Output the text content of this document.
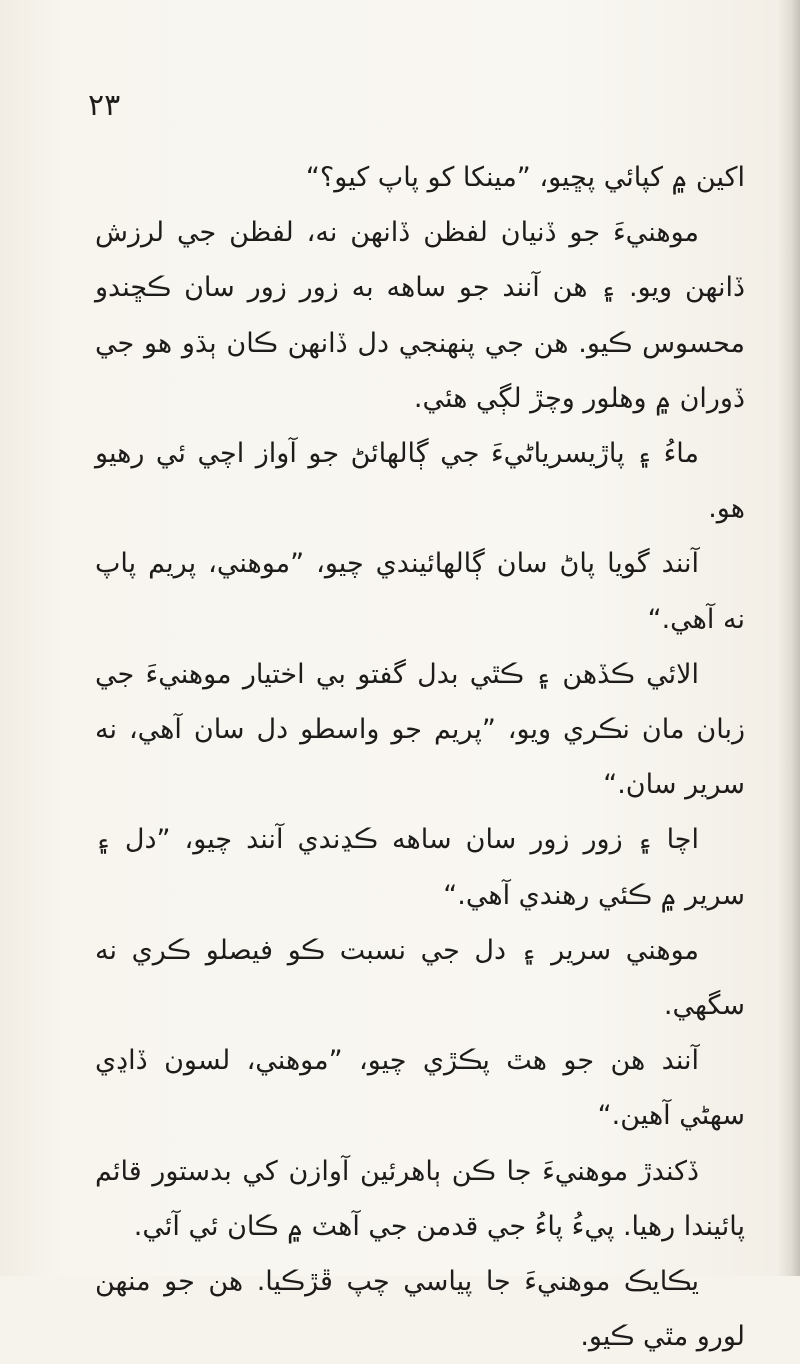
٢٣

اکین ۾ کپائي پڇيو، ”مينکا کو پاپ کيو؟“

موهنيءَ جو ڏنيان لفظن ڏانهن نه، لفظن جي لرزش ڏانهن ويو. ۽ هن آنند جو ساهه به زور زور سان ڪڇندو محسوس ڪيو. هن جي پنهنجي دل ڏانهن ڪان ٻڌو هو جي ڏوران ۾ وهلور وچڙ لڳي هئي.

ماءُ ۽ پاڙيسرياڻيءَ جي ڳالهائڻ جو آواز اچي ئي رهيو هو.

آنند گويا پاڻ سان ڳالهائيندي چيو، ”موهني، پريم پاپ نه آهي.“

الائي ڪڏهن ۽ ڪٿي بدل گفتو بي اختيار موهنيءَ جي زبان مان نڪري ويو، ”پريم جو واسطو دل سان آهي، نه سرير سان.“

اچا ۽ زور زور سان ساهه ڪڍندي آنند چيو، ”دل ۽ سرير ۾ ڪئي رهندي آهي.“

موهني سرير ۽ دل جي نسبت ڪو فيصلو ڪري نه سگهي.

آنند هن جو هٿ پڪڙي چيو، ”موهني، لسون ڏاڍي سهڻي آهين.“

ڏکندڙ موهنيءَ جا ڪن ٻاهرئين آوازن کي بدستور قائم پائيندا رهيا. پيءُ پاءُ جي قدمن جي آهٽ ۾ ڪان ئي آئي.

يڪايڪ موهنيءَ جا پياسي چپ ڦڙڪيا. هن جو منهن لورو مٿي ڪيو.
